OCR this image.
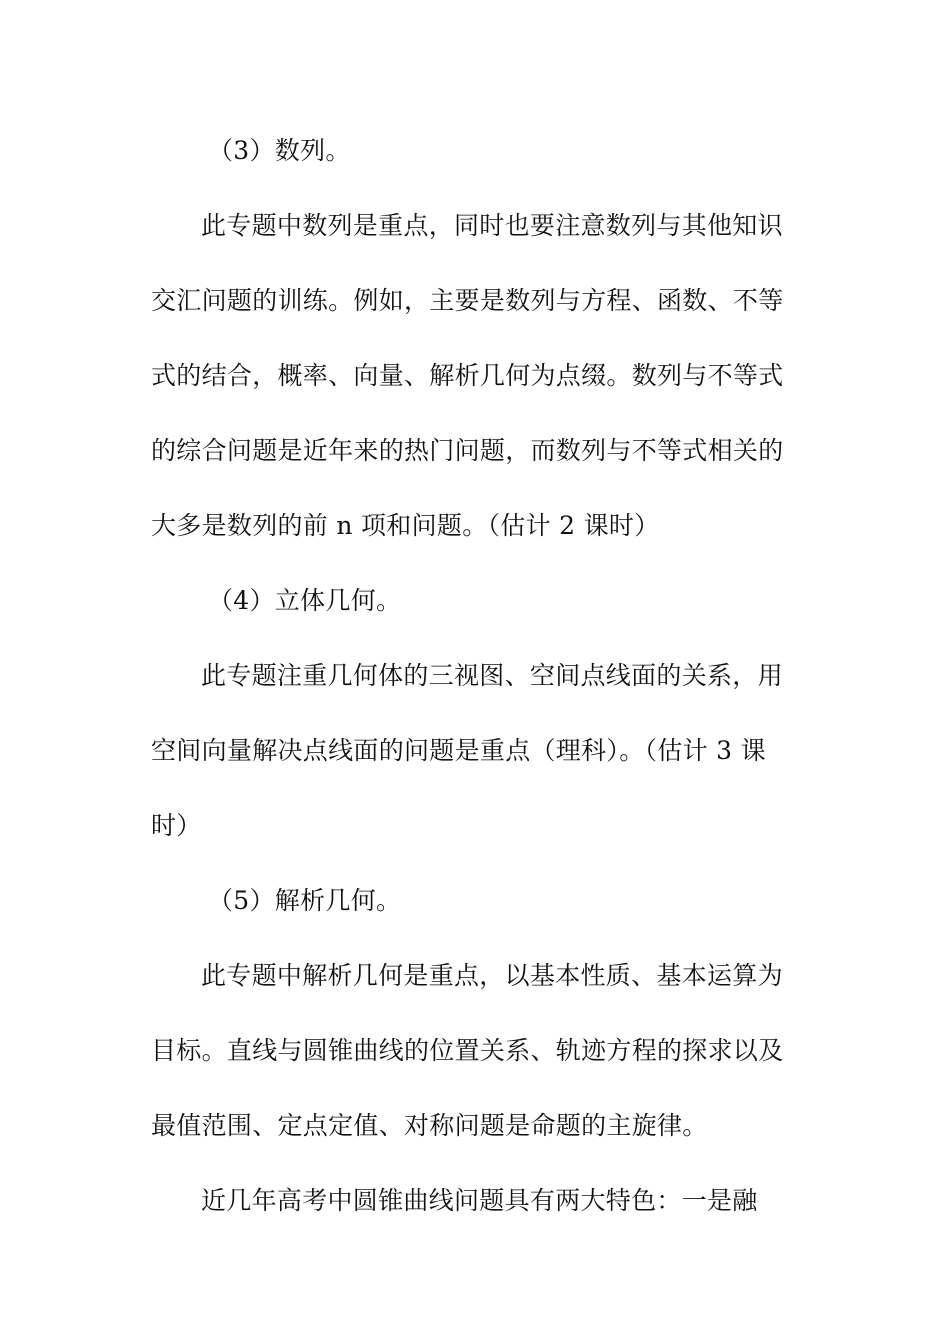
（3）数列。
此专题中数列是重点，同时也要注意数列与其他知识
交汇问题的训练。例如，主要是数列与方程、函数、不等
式的结合，概率、向量、解析几何为点缀。数列与不等式
的综合问题是近年来的热门问题，而数列与不等式相关的
大多是数列的前 n 项和问题。（估计 2 课时）
（4）立体几何。
此专题注重几何体的三视图、空间点线面的关系，用
空间向量解决点线面的问题是重点（理科）。（估计 3 课
时）
（5）解析几何。
此专题中解析几何是重点，以基本性质、基本运算为
目标。直线与圆锥曲线的位置关系、轨迹方程的探求以及
最值范围、定点定值、对称问题是命题的主旋律。
近几年高考中圆锥曲线问题具有两大特色：一是融
